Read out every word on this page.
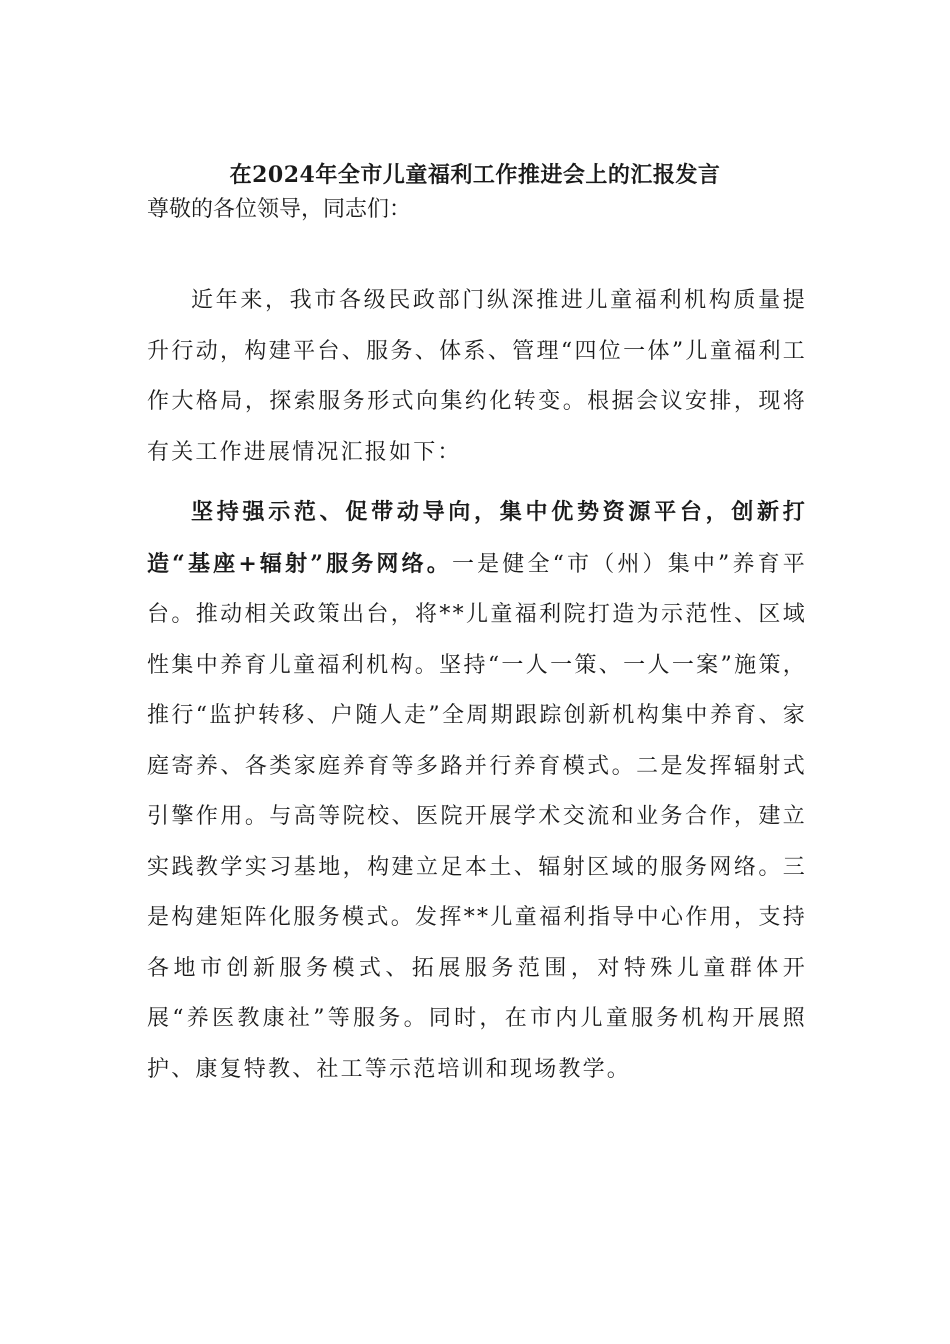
在2024年全市儿童福利工作推进会上的汇报发言
尊敬的各位领导，同志们：

近年来，我市各级民政部门纵深推进儿童福利机构质量提升行动，构建平台、服务、体系、管理“四位一体”儿童福利工作大格局，探索服务形式向集约化转变。根据会议安排，现将有关工作进展情况汇报如下：

坚持强示范、促带动导向，集中优势资源平台，创新打造“基座+辐射”服务网络。一是健全“市（州）集中”养育平台。推动相关政策出台，将**儿童福利院打造为示范性、区域性集中养育儿童福利机构。坚持“一人一策、一人一案”施策，推行“监护转移、户随人走”全周期跟踪创新机构集中养育、家庭寄养、各类家庭养育等多路并行养育模式。二是发挥辐射式引擎作用。与高等院校、医院开展学术交流和业务合作，建立实践教学实习基地，构建立足本土、辐射区域的服务网络。三是构建矩阵化服务模式。发挥**儿童福利指导中心作用，支持各地市创新服务模式、拓展服务范围，对特殊儿童群体开展“养医教康社”等服务。同时，在市内儿童服务机构开展照护、康复特教、社工等示范培训和现场教学。
